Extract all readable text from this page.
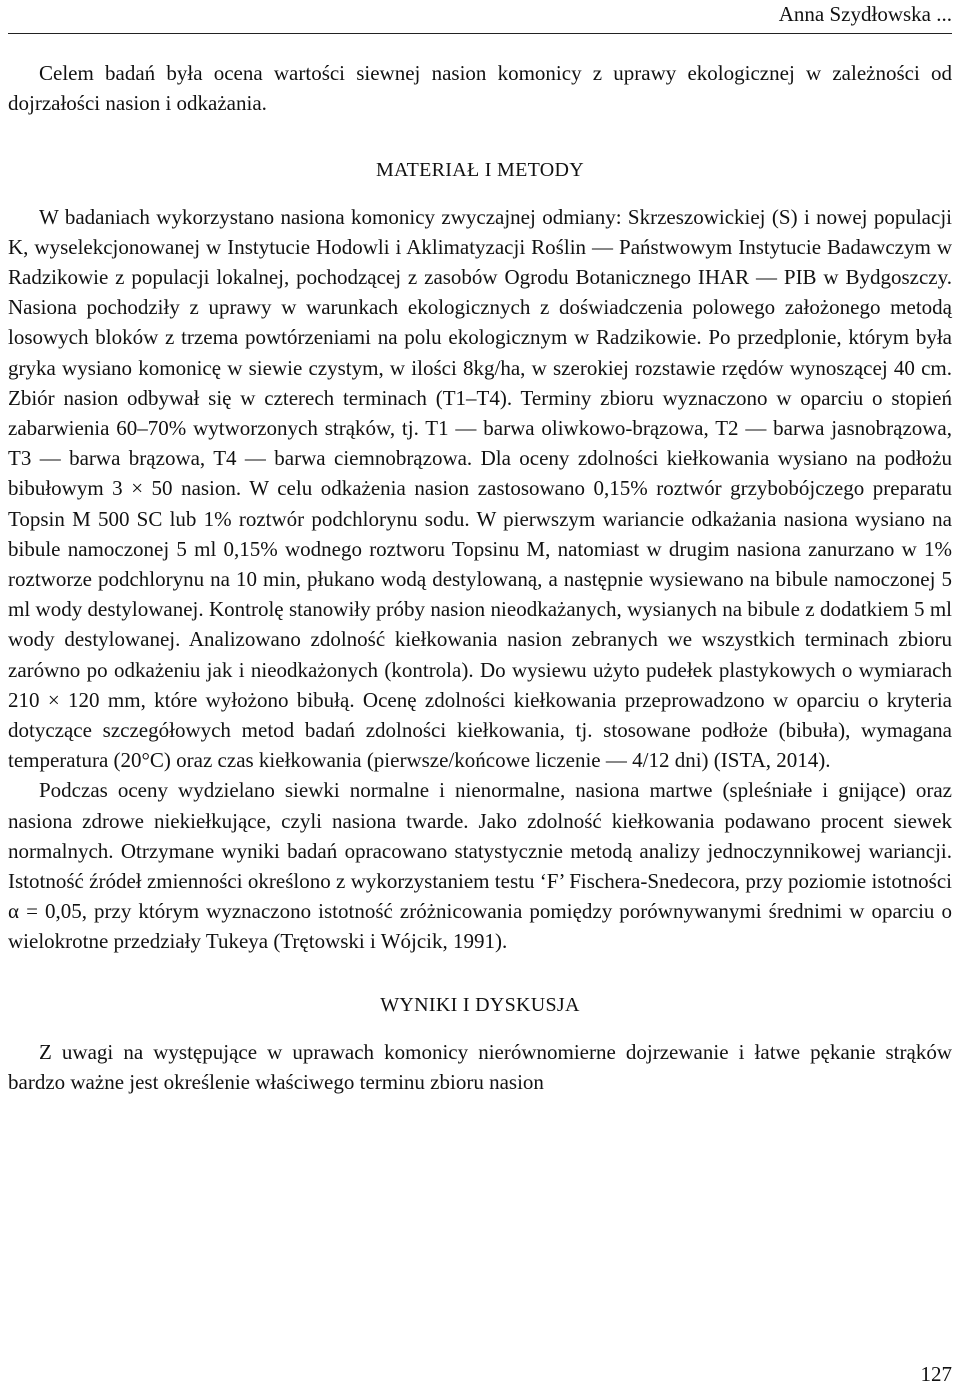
Anna Szydłowska ...

Celem badań była ocena wartości siewnej nasion komonicy z uprawy ekologicznej w zależności od dojrzałości nasion i odkażania.

MATERIAŁ I METODY

W badaniach wykorzystano nasiona komonicy zwyczajnej odmiany: Skrzeszowickiej (S) i nowej populacji K, wyselekcjonowanej w Instytucie Hodowli i Aklimatyzacji Roślin — Państwowym Instytucie Badawczym w Radzikowie z populacji lokalnej, pochodzącej z zasobów Ogrodu Botanicznego IHAR — PIB w Bydgoszczy. Nasiona pochodziły z uprawy w warunkach ekologicznych z doświadczenia polowego założonego metodą losowych bloków z trzema powtórzeniami na polu ekologicznym w Radzikowie. Po przedplonie, którym była gryka wysiano komonicę w siewie czystym, w ilości 8kg/ha, w szerokiej rozstawie rzędów wynoszącej 40 cm. Zbiór nasion odbywał się w czterech terminach (T1–T4). Terminy zbioru wyznaczono w oparciu o stopień zabarwienia 60–70% wytworzonych strąków, tj. T1 — barwa oliwkowo-brązowa, T2 — barwa jasnobrązowa, T3 — barwa brązowa, T4 — barwa ciemnobrązowa. Dla oceny zdolności kiełkowania wysiano na podłożu bibułowym 3 × 50 nasion. W celu odkażenia nasion zastosowano 0,15% roztwór grzybobójczego preparatu Topsin M 500 SC lub 1% roztwór podchlorynu sodu. W pierwszym wariancie odkażania nasiona wysiano na bibule namoczonej 5 ml 0,15% wodnego roztworu Topsinu M, natomiast w drugim nasiona zanurzano w 1% roztworze podchlorynu na 10 min, płukano wodą destylowaną, a następnie wysiewano na bibule namoczonej 5 ml wody destylowanej. Kontrolę stanowiły próby nasion nieodkażanych, wysianych na bibule z dodatkiem 5 ml wody destylowanej. Analizowano zdolność kiełkowania nasion zebranych we wszystkich terminach zbioru zarówno po odkażeniu jak i nieodkażonych (kontrola). Do wysiewu użyto pudełek plastykowych o wymiarach 210 × 120 mm, które wyłożono bibułą. Ocenę zdolności kiełkowania przeprowadzono w oparciu o kryteria dotyczące szczegółowych metod badań zdolności kiełkowania, tj. stosowane podłoże (bibuła), wymagana temperatura (20°C) oraz czas kiełkowania (pierwsze/końcowe liczenie — 4/12 dni) (ISTA, 2014).

Podczas oceny wydzielano siewki normalne i nienormalne, nasiona martwe (spleśniałe i gnijące) oraz nasiona zdrowe niekiełkujące, czyli nasiona twarde. Jako zdolność kiełkowania podawano procent siewek normalnych. Otrzymane wyniki badań opracowano statystycznie metodą analizy jednoczynnikowej wariancji. Istotność źródeł zmienności określono z wykorzystaniem testu ‘F’ Fischera-Snedecora, przy poziomie istotności α = 0,05, przy którym wyznaczono istotność zróżnicowania pomiędzy porównywanymi średnimi w oparciu o wielokrotne przedziały Tukeya (Trętowski i Wójcik, 1991).

WYNIKI I DYSKUSJA

Z uwagi na występujące w uprawach komonicy nierównomierne dojrzewanie i łatwe pękanie strąków bardzo ważne jest określenie właściwego terminu zbioru nasion

127
